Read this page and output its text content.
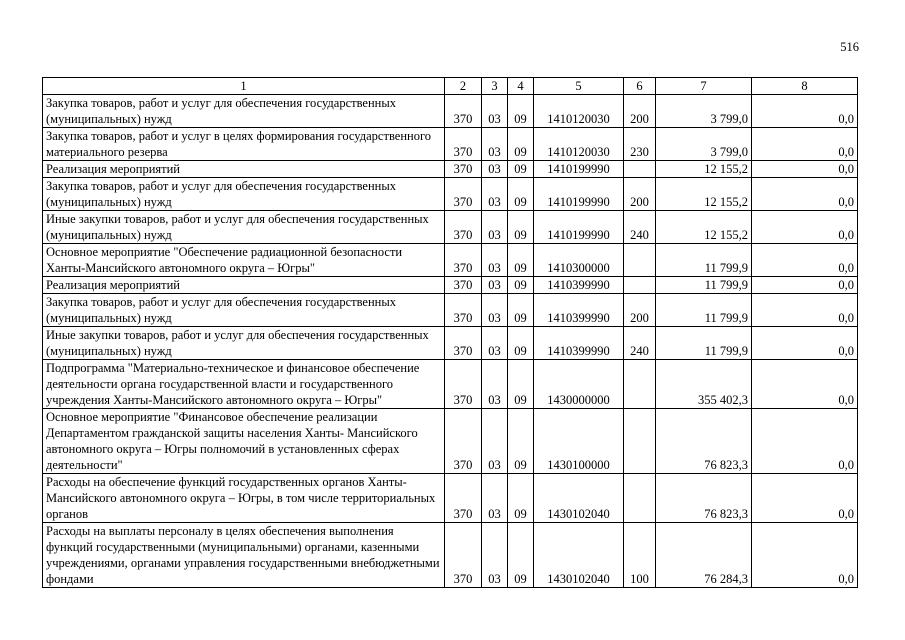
516
1	2	3	4	5	6	7	8
Закупка товаров, работ и услуг для обеспечения государственных (муниципальных) нужд	370	03	09	1410120030	200	3 799,0	0,0
Закупка товаров, работ и услуг в целях формирования государственного материального резерва	370	03	09	1410120030	230	3 799,0	0,0
Реализация мероприятий	370	03	09	1410199990		12 155,2	0,0
Закупка товаров, работ и услуг для обеспечения государственных (муниципальных) нужд	370	03	09	1410199990	200	12 155,2	0,0
Иные закупки товаров, работ и услуг для обеспечения государственных (муниципальных) нужд	370	03	09	1410199990	240	12 155,2	0,0
Основное мероприятие "Обеспечение радиационной безопасности Ханты-Мансийского автономного округа – Югры"	370	03	09	1410300000		11 799,9	0,0
Реализация мероприятий	370	03	09	1410399990		11 799,9	0,0
Закупка товаров, работ и услуг для обеспечения государственных (муниципальных) нужд	370	03	09	1410399990	200	11 799,9	0,0
Иные закупки товаров, работ и услуг для обеспечения государственных (муниципальных) нужд	370	03	09	1410399990	240	11 799,9	0,0
Подпрограмма "Материально-техническое и финансовое обеспечение деятельности органа государственной власти и государственного учреждения Ханты-Мансийского автономного округа – Югры"	370	03	09	1430000000		355 402,3	0,0
Основное мероприятие "Финансовое обеспечение реализации Департаментом гражданской защиты населения Ханты- Мансийского автономного округа – Югры полномочий в установленных сферах деятельности"	370	03	09	1430100000		76 823,3	0,0
Расходы на обеспечение функций государственных органов Ханты-Мансийского автономного округа – Югры, в том числе территориальных органов	370	03	09	1430102040		76 823,3	0,0
Расходы на выплаты персоналу в целях обеспечения выполнения функций государственными (муниципальными) органами, казенными учреждениями, органами управления государственными внебюджетными фондами	370	03	09	1430102040	100	76 284,3	0,0
